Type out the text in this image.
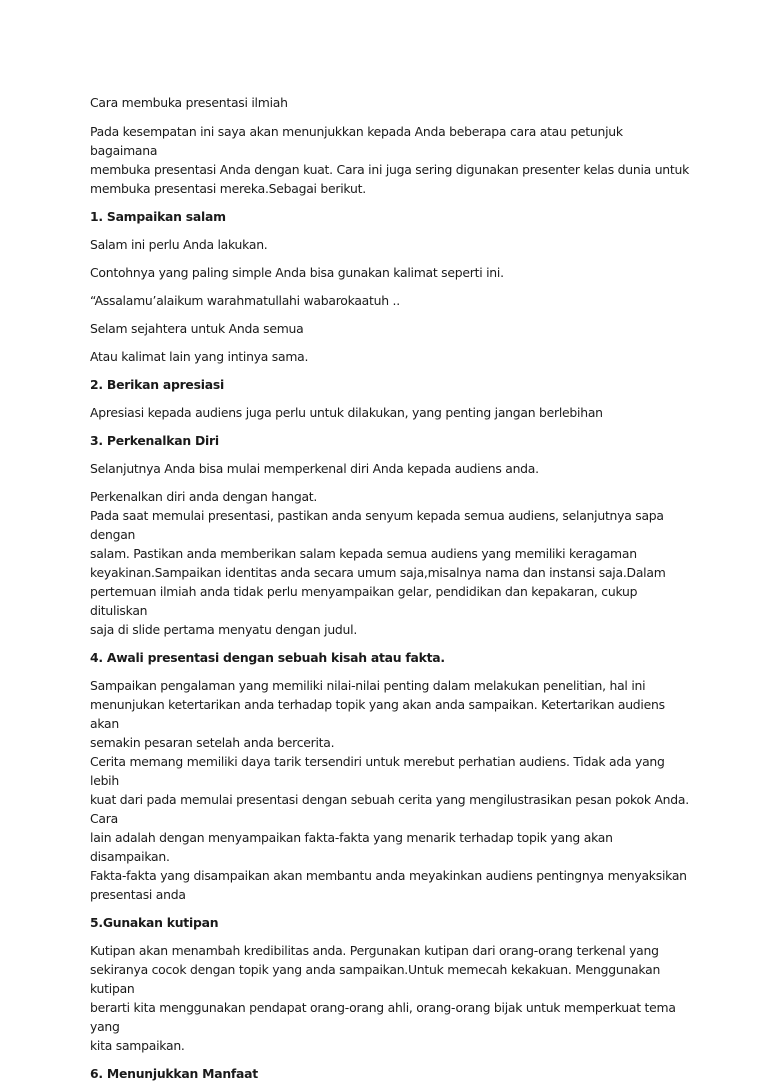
Cara membuka presentasi ilmiah

Pada kesempatan ini saya akan menunjukkan kepada Anda beberapa cara atau petunjuk bagaimana
membuka presentasi Anda dengan kuat. Cara ini juga sering digunakan presenter kelas dunia untuk
membuka presentasi mereka.Sebagai berikut.

1. Sampaikan salam

Salam ini perlu Anda lakukan.

Contohnya yang paling simple Anda bisa gunakan kalimat seperti ini.

“Assalamu’alaikum warahmatullahi wabarokaatuh ..

Selam sejahtera untuk Anda semua

Atau kalimat lain yang intinya sama.

2. Berikan apresiasi

Apresiasi kepada audiens juga perlu untuk dilakukan, yang penting jangan berlebihan

3. Perkenalkan Diri

Selanjutnya Anda bisa mulai memperkenal diri Anda kepada audiens anda.

Perkenalkan diri anda dengan hangat.
Pada saat memulai presentasi, pastikan anda senyum kepada semua audiens, selanjutnya sapa dengan
salam. Pastikan anda memberikan salam kepada semua audiens yang memiliki keragaman
keyakinan.Sampaikan identitas anda secara umum saja,misalnya nama dan instansi saja.Dalam
pertemuan ilmiah anda tidak perlu menyampaikan gelar, pendidikan dan kepakaran, cukup dituliskan
saja di slide pertama menyatu dengan judul.

4. Awali presentasi dengan sebuah kisah atau fakta.

Sampaikan pengalaman yang memiliki nilai-nilai penting dalam melakukan penelitian, hal ini
menunjukan ketertarikan anda terhadap topik yang akan anda sampaikan. Ketertarikan audiens akan
semakin pesaran setelah anda bercerita.
Cerita memang memiliki daya tarik tersendiri untuk merebut perhatian audiens. Tidak ada yang lebih
kuat dari pada memulai presentasi dengan sebuah cerita yang mengilustrasikan pesan pokok Anda. Cara
lain adalah dengan menyampaikan fakta-fakta yang menarik terhadap topik yang akan disampaikan.
Fakta-fakta yang disampaikan akan membantu anda meyakinkan audiens pentingnya menyaksikan
presentasi anda

5.Gunakan kutipan

Kutipan akan menambah kredibilitas anda. Pergunakan kutipan dari orang-orang terkenal yang
sekiranya cocok dengan topik yang anda sampaikan.Untuk memecah kekakuan. Menggunakan kutipan
berarti kita menggunakan pendapat orang-orang ahli, orang-orang bijak untuk memperkuat tema yang
kita sampaikan.

6. Menunjukkan Manfaat
